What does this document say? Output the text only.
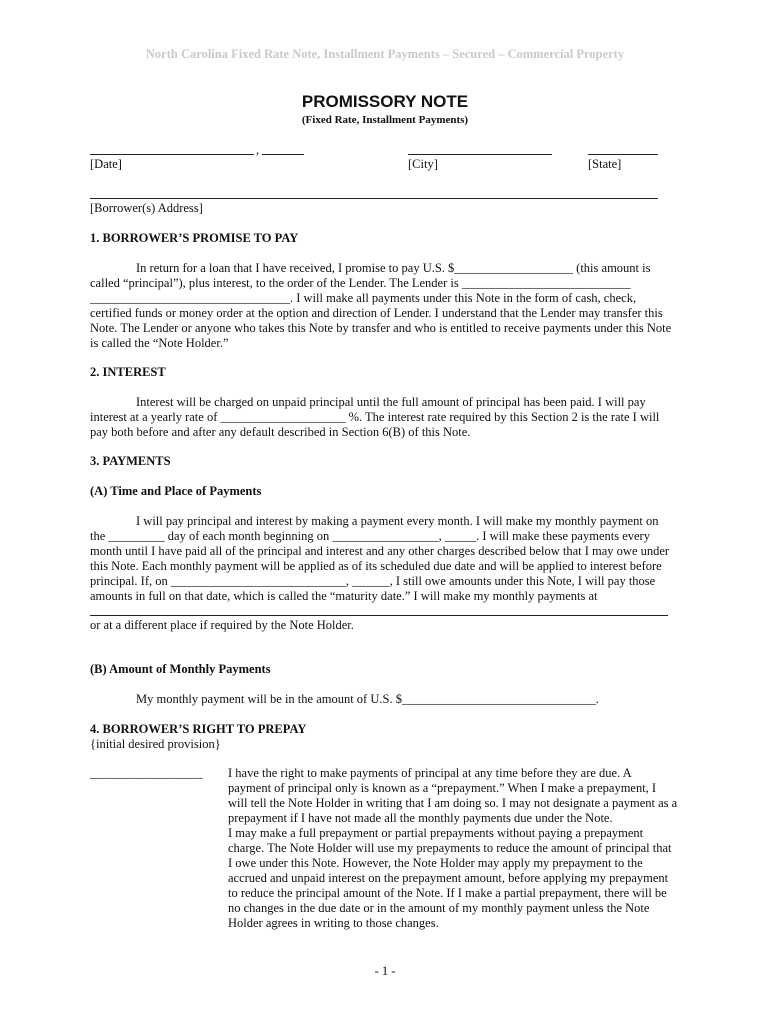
North Carolina Fixed Rate Note, Installment Payments – Secured – Commercial Property
PROMISSORY NOTE
(Fixed Rate, Installment Payments)
,
[Date]	[City]	[State]
[Borrower(s) Address]
1. BORROWER’S PROMISE TO PAY
In return for a loan that I have received, I promise to pay U.S. $___________________ (this amount is
called “principal”), plus interest, to the order of the Lender. The Lender is ___________________________
________________________________. I will make all payments under this Note in the form of cash, check,
certified funds or money order at the option and direction of Lender. I understand that the Lender may transfer this
Note. The Lender or anyone who takes this Note by transfer and who is entitled to receive payments under this Note
is called the “Note Holder.”
2. INTEREST
Interest will be charged on unpaid principal until the full amount of principal has been paid. I will pay
interest at a yearly rate of ____________________ %. The interest rate required by this Section 2 is the rate I will
pay both before and after any default described in Section 6(B) of this Note.
3. PAYMENTS
(A) Time and Place of Payments
I will pay principal and interest by making a payment every month. I will make my monthly payment on
the _________ day of each month beginning on _________________, _____. I will make these payments every
month until I have paid all of the principal and interest and any other charges described below that I may owe under
this Note. Each monthly payment will be applied as of its scheduled due date and will be applied to interest before
principal. If, on ____________________________, ______, I still owe amounts under this Note, I will pay those
amounts in full on that date, which is called the “maturity date.” I will make my monthly payments at
or at a different place if required by the Note Holder.
(B) Amount of Monthly Payments
My monthly payment will be in the amount of U.S. $_______________________________.
4. BORROWER’S RIGHT TO PREPAY
{initial desired provision}
__________________ I have the right to make payments of principal at any time before they are due. A
payment of principal only is known as a “prepayment.” When I make a prepayment, I
will tell the Note Holder in writing that I am doing so. I may not designate a payment as a
prepayment if I have not made all the monthly payments due under the Note.
I may make a full prepayment or partial prepayments without paying a prepayment
charge. The Note Holder will use my prepayments to reduce the amount of principal that
I owe under this Note. However, the Note Holder may apply my prepayment to the
accrued and unpaid interest on the prepayment amount, before applying my prepayment
to reduce the principal amount of the Note. If I make a partial prepayment, there will be
no changes in the due date or in the amount of my monthly payment unless the Note
Holder agrees in writing to those changes.
- 1 -
